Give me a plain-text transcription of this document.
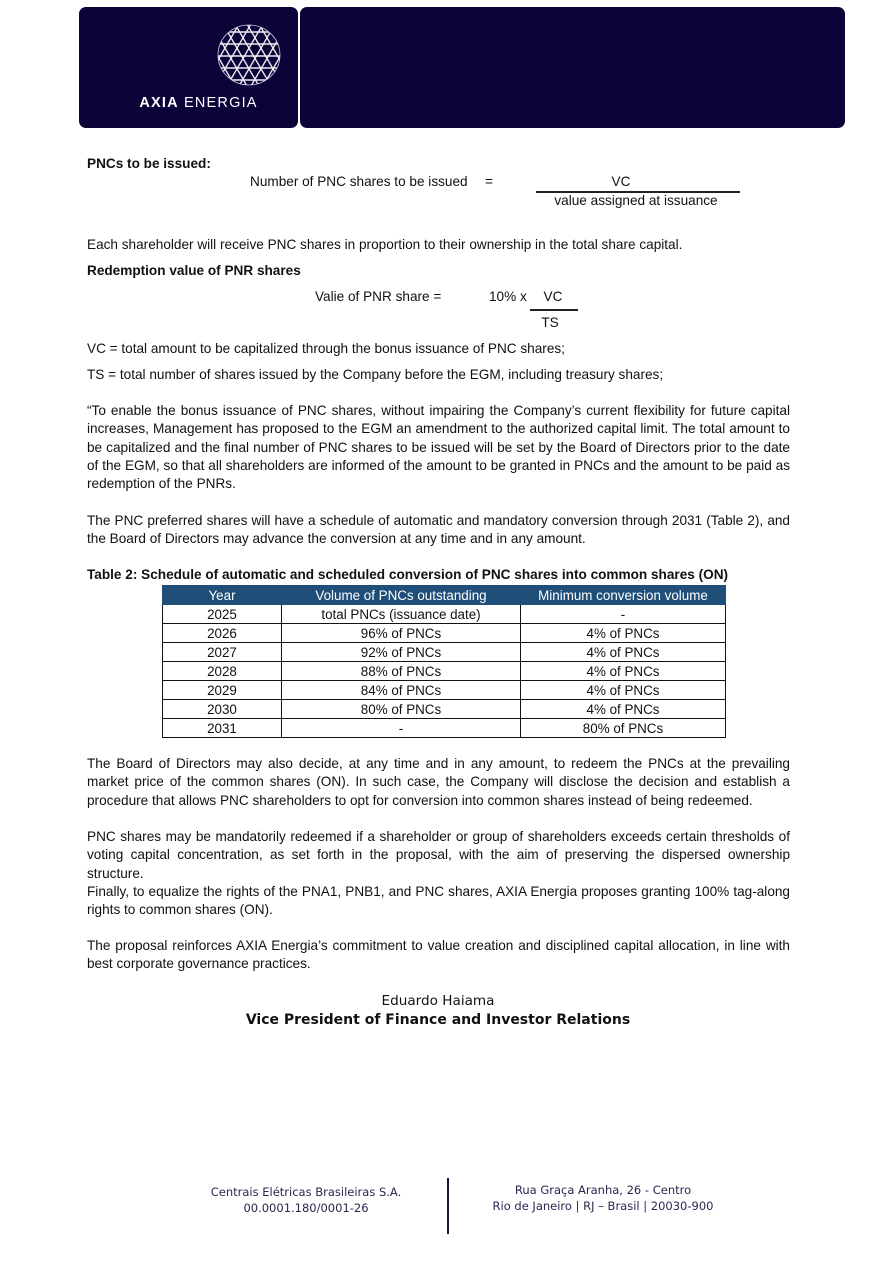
AXIA ENERGIA
PNCs to be issued:
Number of PNC shares to be issued =	VC
value assigned at issuance
Each shareholder will receive PNC shares in proportion to their ownership in the total share capital.
Redemption value of PNR shares
Valie of PNR share =	10% x	VC
TS
VC = total amount to be capitalized through the bonus issuance of PNC shares;
TS = total number of shares issued by the Company before the EGM, including treasury shares;
“To enable the bonus issuance of PNC shares, without impairing the Company’s current flexibility for future capital increases, Management has proposed to the EGM an amendment to the authorized capital limit. The total amount to be capitalized and the final number of PNC shares to be issued will be set by the Board of Directors prior to the date of the EGM, so that all shareholders are informed of the amount to be granted in PNCs and the amount to be paid as redemption of the PNRs.
The PNC preferred shares will have a schedule of automatic and mandatory conversion through 2031 (Table 2), and the Board of Directors may advance the conversion at any time and in any amount.
Table 2: Schedule of automatic and scheduled conversion of PNC shares into common shares (ON)
Year	Volume of PNCs outstanding	Minimum conversion volume
2025	total PNCs (issuance date)	-
2026	96% of PNCs	4% of PNCs
2027	92% of PNCs	4% of PNCs
2028	88% of PNCs	4% of PNCs
2029	84% of PNCs	4% of PNCs
2030	80% of PNCs	4% of PNCs
2031	-	80% of PNCs
The Board of Directors may also decide, at any time and in any amount, to redeem the PNCs at the prevailing market price of the common shares (ON). In such case, the Company will disclose the decision and establish a procedure that allows PNC shareholders to opt for conversion into common shares instead of being redeemed.
PNC shares may be mandatorily redeemed if a shareholder or group of shareholders exceeds certain thresholds of voting capital concentration, as set forth in the proposal, with the aim of preserving the dispersed ownership structure.
Finally, to equalize the rights of the PNA1, PNB1, and PNC shares, AXIA Energia proposes granting 100% tag-along rights to common shares (ON).
The proposal reinforces AXIA Energia’s commitment to value creation and disciplined capital allocation, in line with best corporate governance practices.
Eduardo Haiama
Vice President of Finance and Investor Relations
Centrais Elétricas Brasileiras S.A.
00.0001.180/0001-26
Rua Graça Aranha, 26 - Centro
Rio de Janeiro | RJ – Brasil | 20030-900
